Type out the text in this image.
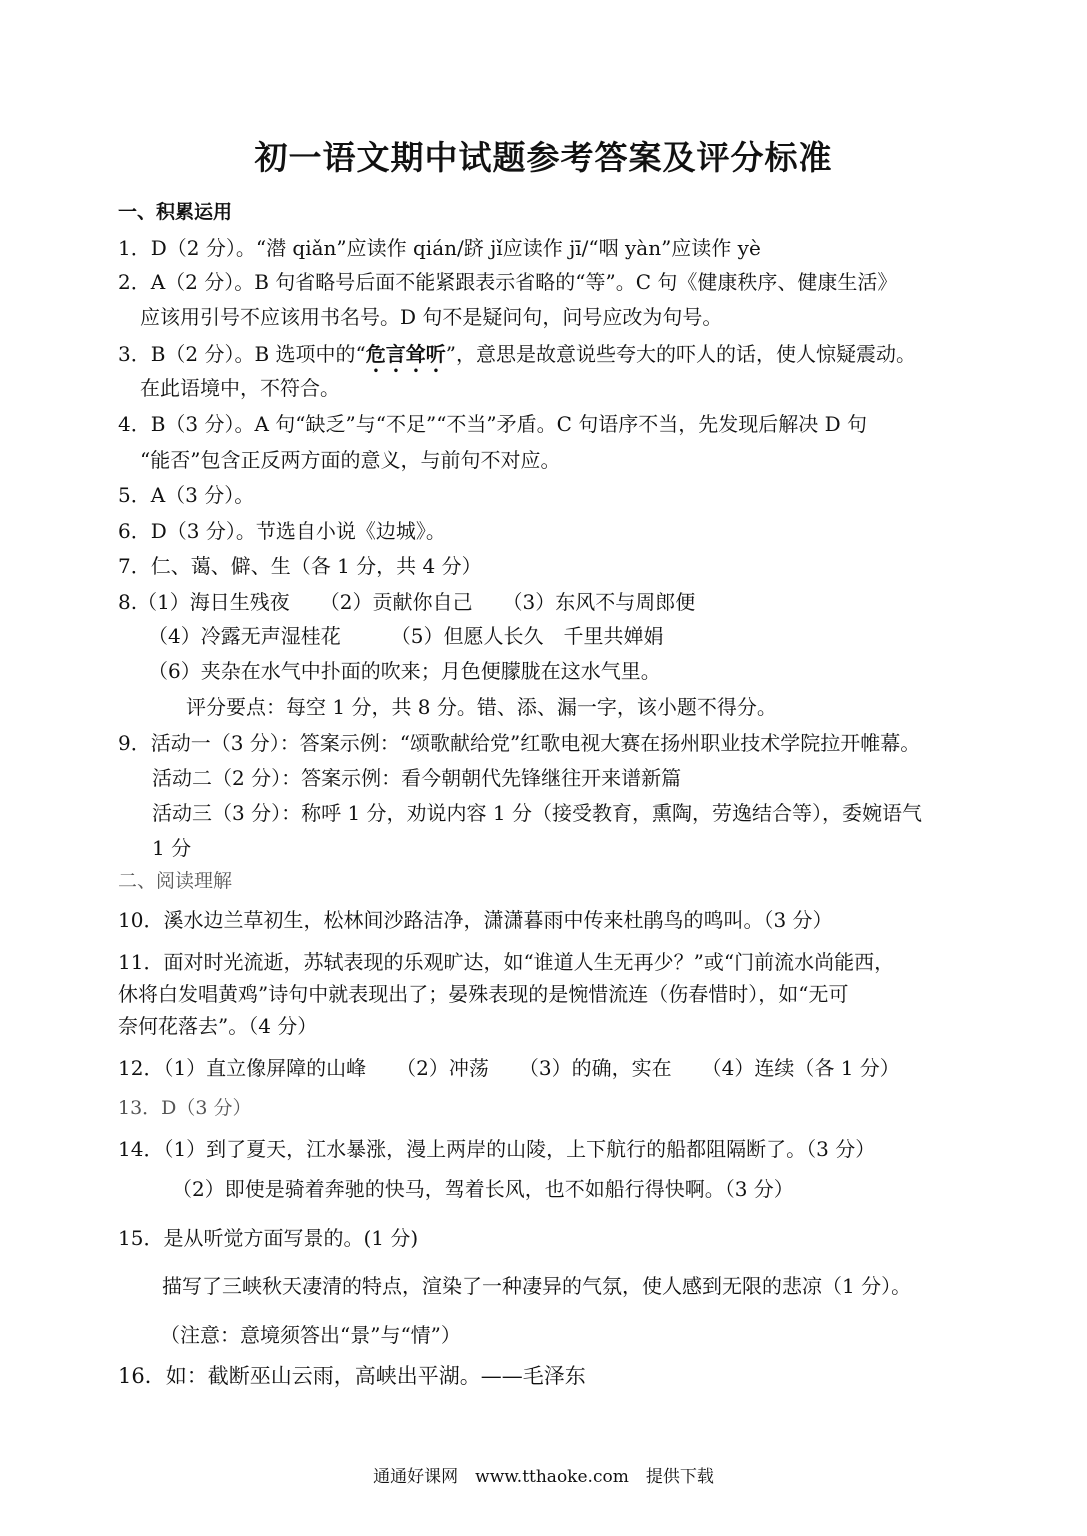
初一语文期中试题参考答案及评分标准
一、积累运用
1．D（2 分）。“潜 qiǎn”应读作 qián/跻 jǐ应读作 jī/“咽 yàn”应读作 yè
2．A（2 分）。B 句省略号后面不能紧跟表示省略的“等”。C 句《健康秩序、健康生活》
应该用引号不应该用书名号。D 句不是疑问句，问号应改为句号。
3．B（2 分）。B 选项中的“危言耸听”，意思是故意说些夸大的吓人的话，使人惊疑震动。
在此语境中，不符合。
4．B（3 分）。A 句“缺乏”与“不足”“不当”矛盾。C 句语序不当，先发现后解决 D 句
“能否”包含正反两方面的意义，与前句不对应。
5．A（3 分）。
6．D（3 分）。节选自小说《边城》。
7．仁、蔼、僻、生（各 1 分，共 4 分）
8.（1）海日生残夜　　（2）贡献你自己　　（3）东风不与周郎便
（4）冷露无声湿桂花　　　（5）但愿人长久　千里共婵娟
（6）夹杂在水气中扑面的吹来；月色便朦胧在这水气里。
评分要点：每空 1 分，共 8 分。错、添、漏一字，该小题不得分。
9．活动一（3 分）：答案示例：“颂歌献给党”红歌电视大赛在扬州职业技术学院拉开帷幕。
活动二（2 分）：答案示例：看今朝朝代先锋继往开来谱新篇
活动三（3 分）：称呼 1 分，劝说内容 1 分（接受教育，熏陶，劳逸结合等），委婉语气
1 分
二、阅读理解
10．溪水边兰草初生，松林间沙路洁净，潇潇暮雨中传来杜鹃鸟的鸣叫。（3 分）
11．面对时光流逝，苏轼表现的乐观旷达，如“谁道人生无再少？”或“门前流水尚能西，
休将白发唱黄鸡”诗句中就表现出了；晏殊表现的是惋惜流连（伤春惜时），如“无可
奈何花落去”。（4 分）
12．（1）直立像屏障的山峰　　（2）冲荡　　（3）的确，实在　　（4）连续（各 1 分）
13．D（3 分）
14．（1）到了夏天，江水暴涨，漫上两岸的山陵，上下航行的船都阻隔断了。（3 分）
（2）即使是骑着奔驰的快马，驾着长风，也不如船行得快啊。（3 分）
15．是从听觉方面写景的。(1 分)
描写了三峡秋天凄清的特点，渲染了一种凄异的气氛，使人感到无限的悲凉（1 分）。
（注意：意境须答出“景”与“情”）
16．如：截断巫山云雨，高峡出平湖。——毛泽东
通通好课网　www.tthaoke.com　提供下载
